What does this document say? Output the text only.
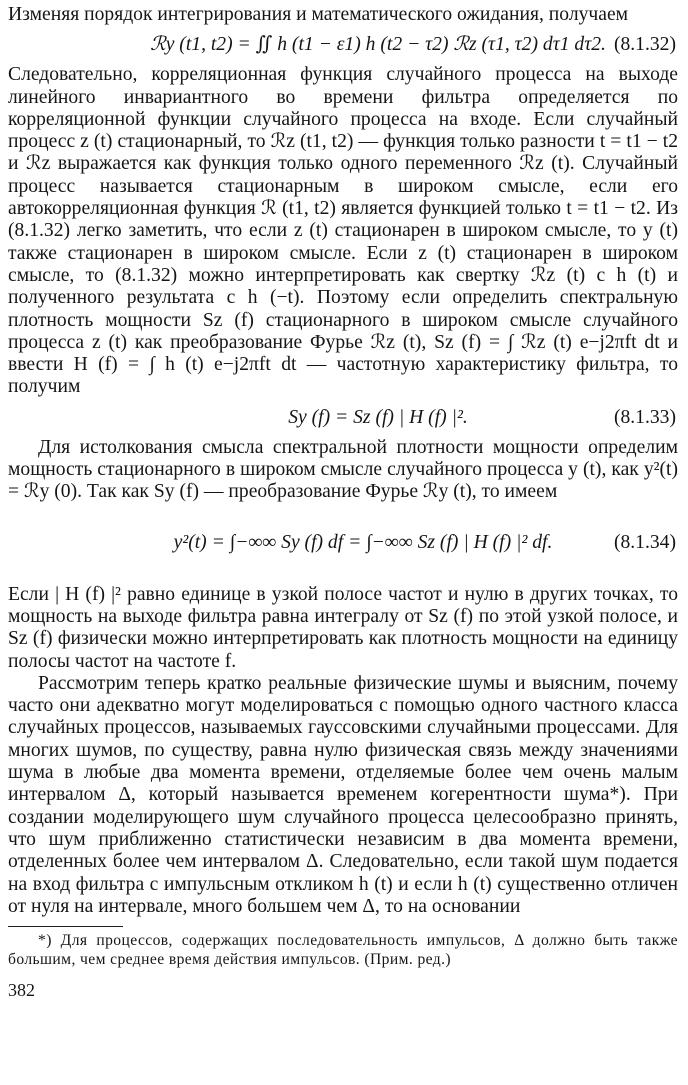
Изменяя порядок интегрирования и математического ожидания, получаем

ℛy (t1, t2) = ∬ h (t1 − ε1) h (t2 − τ2) ℛz (τ1, τ2) dτ1 dτ2. (8.1.32)

Следовательно, корреляционная функция случайного процесса на выходе линейного инвариантного во времени фильтра определяется по корреляционной функции случайного процесса на входе. Если случайный процесс z (t) стационарный, то ℛz (t1, t2) — функция только разности t = t1 − t2 и ℛz выражается как функция только одного переменного ℛz (t). Случайный процесс называется стационарным в широком смысле, если его автокорреляционная функция ℛ (t1, t2) является функцией только t = t1 − t2. Из (8.1.32) легко заметить, что если z (t) стационарен в широком смысле, то y (t) также стационарен в широком смысле. Если z (t) стационарен в широком смысле, то (8.1.32) можно интерпретировать как свертку ℛz (t) с h (t) и полученного результата с h (−t). Поэтому если определить спектральную плотность мощности Sz (f) стационарного в широком смысле случайного процесса z (t) как преобразование Фурье ℛz (t), Sz (f) = ∫ ℛz (t) e−j2πft dt и ввести H (f) = ∫ h (t) e−j2πft dt — частотную характеристику фильтра, то получим

Sy (f) = Sz (f) | H (f) |².	(8.1.33)

Для истолкования смысла спектральной плотности мощности определим мощность стационарного в широком смысле случайного процесса y (t), как y²(t) = ℛy (0). Так как Sy (f) — преобразование Фурье ℛy (t), то имеем

y²(t) = ∫−∞∞ Sy (f) df = ∫−∞∞ Sz (f) | H (f) |² df.	(8.1.34)

Если | H (f) |² равно единице в узкой полосе частот и нулю в других точках, то мощность на выходе фильтра равна интегралу от Sz (f) по этой узкой полосе, и Sz (f) физически можно интерпретировать как плотность мощности на единицу полосы частот на частоте f.

Рассмотрим теперь кратко реальные физические шумы и выясним, почему часто они адекватно могут моделироваться с помощью одного частного класса случайных процессов, называемых гауссовскими случайными процессами. Для многих шумов, по существу, равна нулю физическая связь между значениями шума в любые два момента времени, отделяемые более чем очень малым интервалом Δ, который называется временем когерентности шума*). При создании моделирующего шум случайного процесса целесообразно принять, что шум приближенно статистически независим в два момента времени, отделенных более чем интервалом Δ. Следовательно, если такой шум подается на вход фильтра с импульсным откликом h (t) и если h (t) существенно отличен от нуля на интервале, много большем чем Δ, то на основании

*) Для процессов, содержащих последовательность импульсов, Δ должно быть также большим, чем среднее время действия импульсов. (Прим. ред.)

382
